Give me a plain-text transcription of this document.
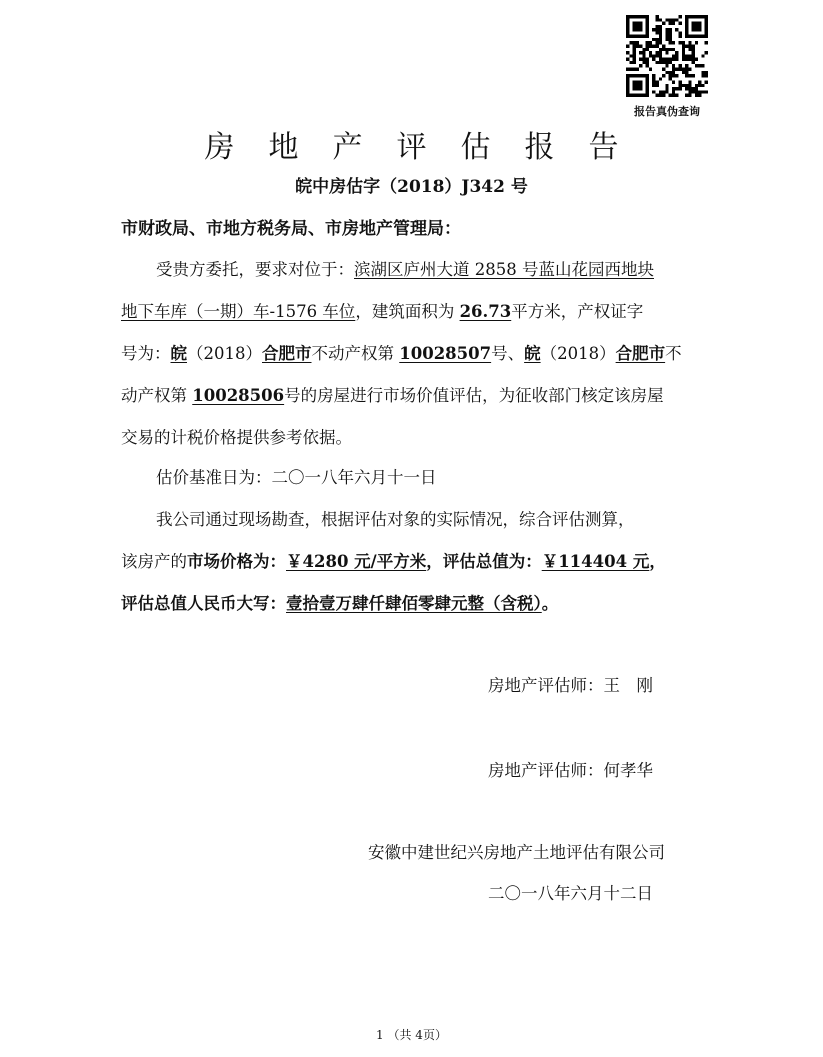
报告真伪查询
房地产评估报告
皖中房估字（2018）J342 号
市财政局、市地方税务局、市房地产管理局：
受贵方委托，要求对位于：滨湖区庐州大道 2858 号蓝山花园西地块
地下车库（一期）车-1576 车位，建筑面积为 26.73平方米，产权证字
号为：皖（2018）合肥市不动产权第 10028507号、皖（2018）合肥市不
动产权第 10028506号的房屋进行市场价值评估，为征收部门核定该房屋
交易的计税价格提供参考依据。
估价基准日为：二〇一八年六月十一日
我公司通过现场勘查，根据评估对象的实际情况，综合评估测算，
该房产的市场价格为：￥4280 元/平方米，评估总值为：￥114404 元，
评估总值人民币大写：壹拾壹万肆仟肆佰零肆元整（含税）。
房地产评估师：王　刚
房地产评估师：何孝华
安徽中建世纪兴房地产土地评估有限公司
二〇一八年六月十二日
1 （共 4页）
